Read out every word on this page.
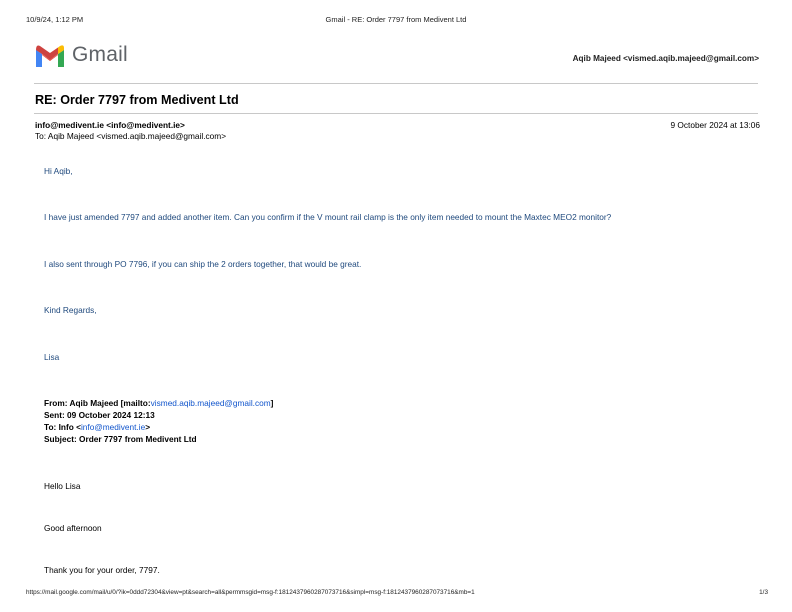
10/9/24, 1:12 PM	Gmail - RE: Order 7797 from Medivent Ltd
Gmail	Aqib Majeed <vismed.aqib.majeed@gmail.com>
RE: Order 7797 from Medivent Ltd
info@medivent.ie <info@medivent.ie>	9 October 2024 at 13:06
To: Aqib Majeed <vismed.aqib.majeed@gmail.com>
Hi Aqib,
I have just amended 7797 and added another item. Can you confirm if the V mount rail clamp is the only item needed to mount the Maxtec MEO2 monitor?
I also sent through PO 7796, if you can ship the 2 orders together, that would be great.
Kind Regards,
Lisa
From: Aqib Majeed [mailto:vismed.aqib.majeed@gmail.com]
Sent: 09 October 2024 12:13
To: Info <info@medivent.ie>
Subject: Order 7797 from Medivent Ltd
Hello Lisa
Good afternoon
Thank you for your order, 7797.
https://mail.google.com/mail/u/0/?ik=0ddd72304&view=pt&search=all&permmsgid=msg-f:1812437960287073716&simpl=msg-f:1812437960287073716&mb=1	1/3
